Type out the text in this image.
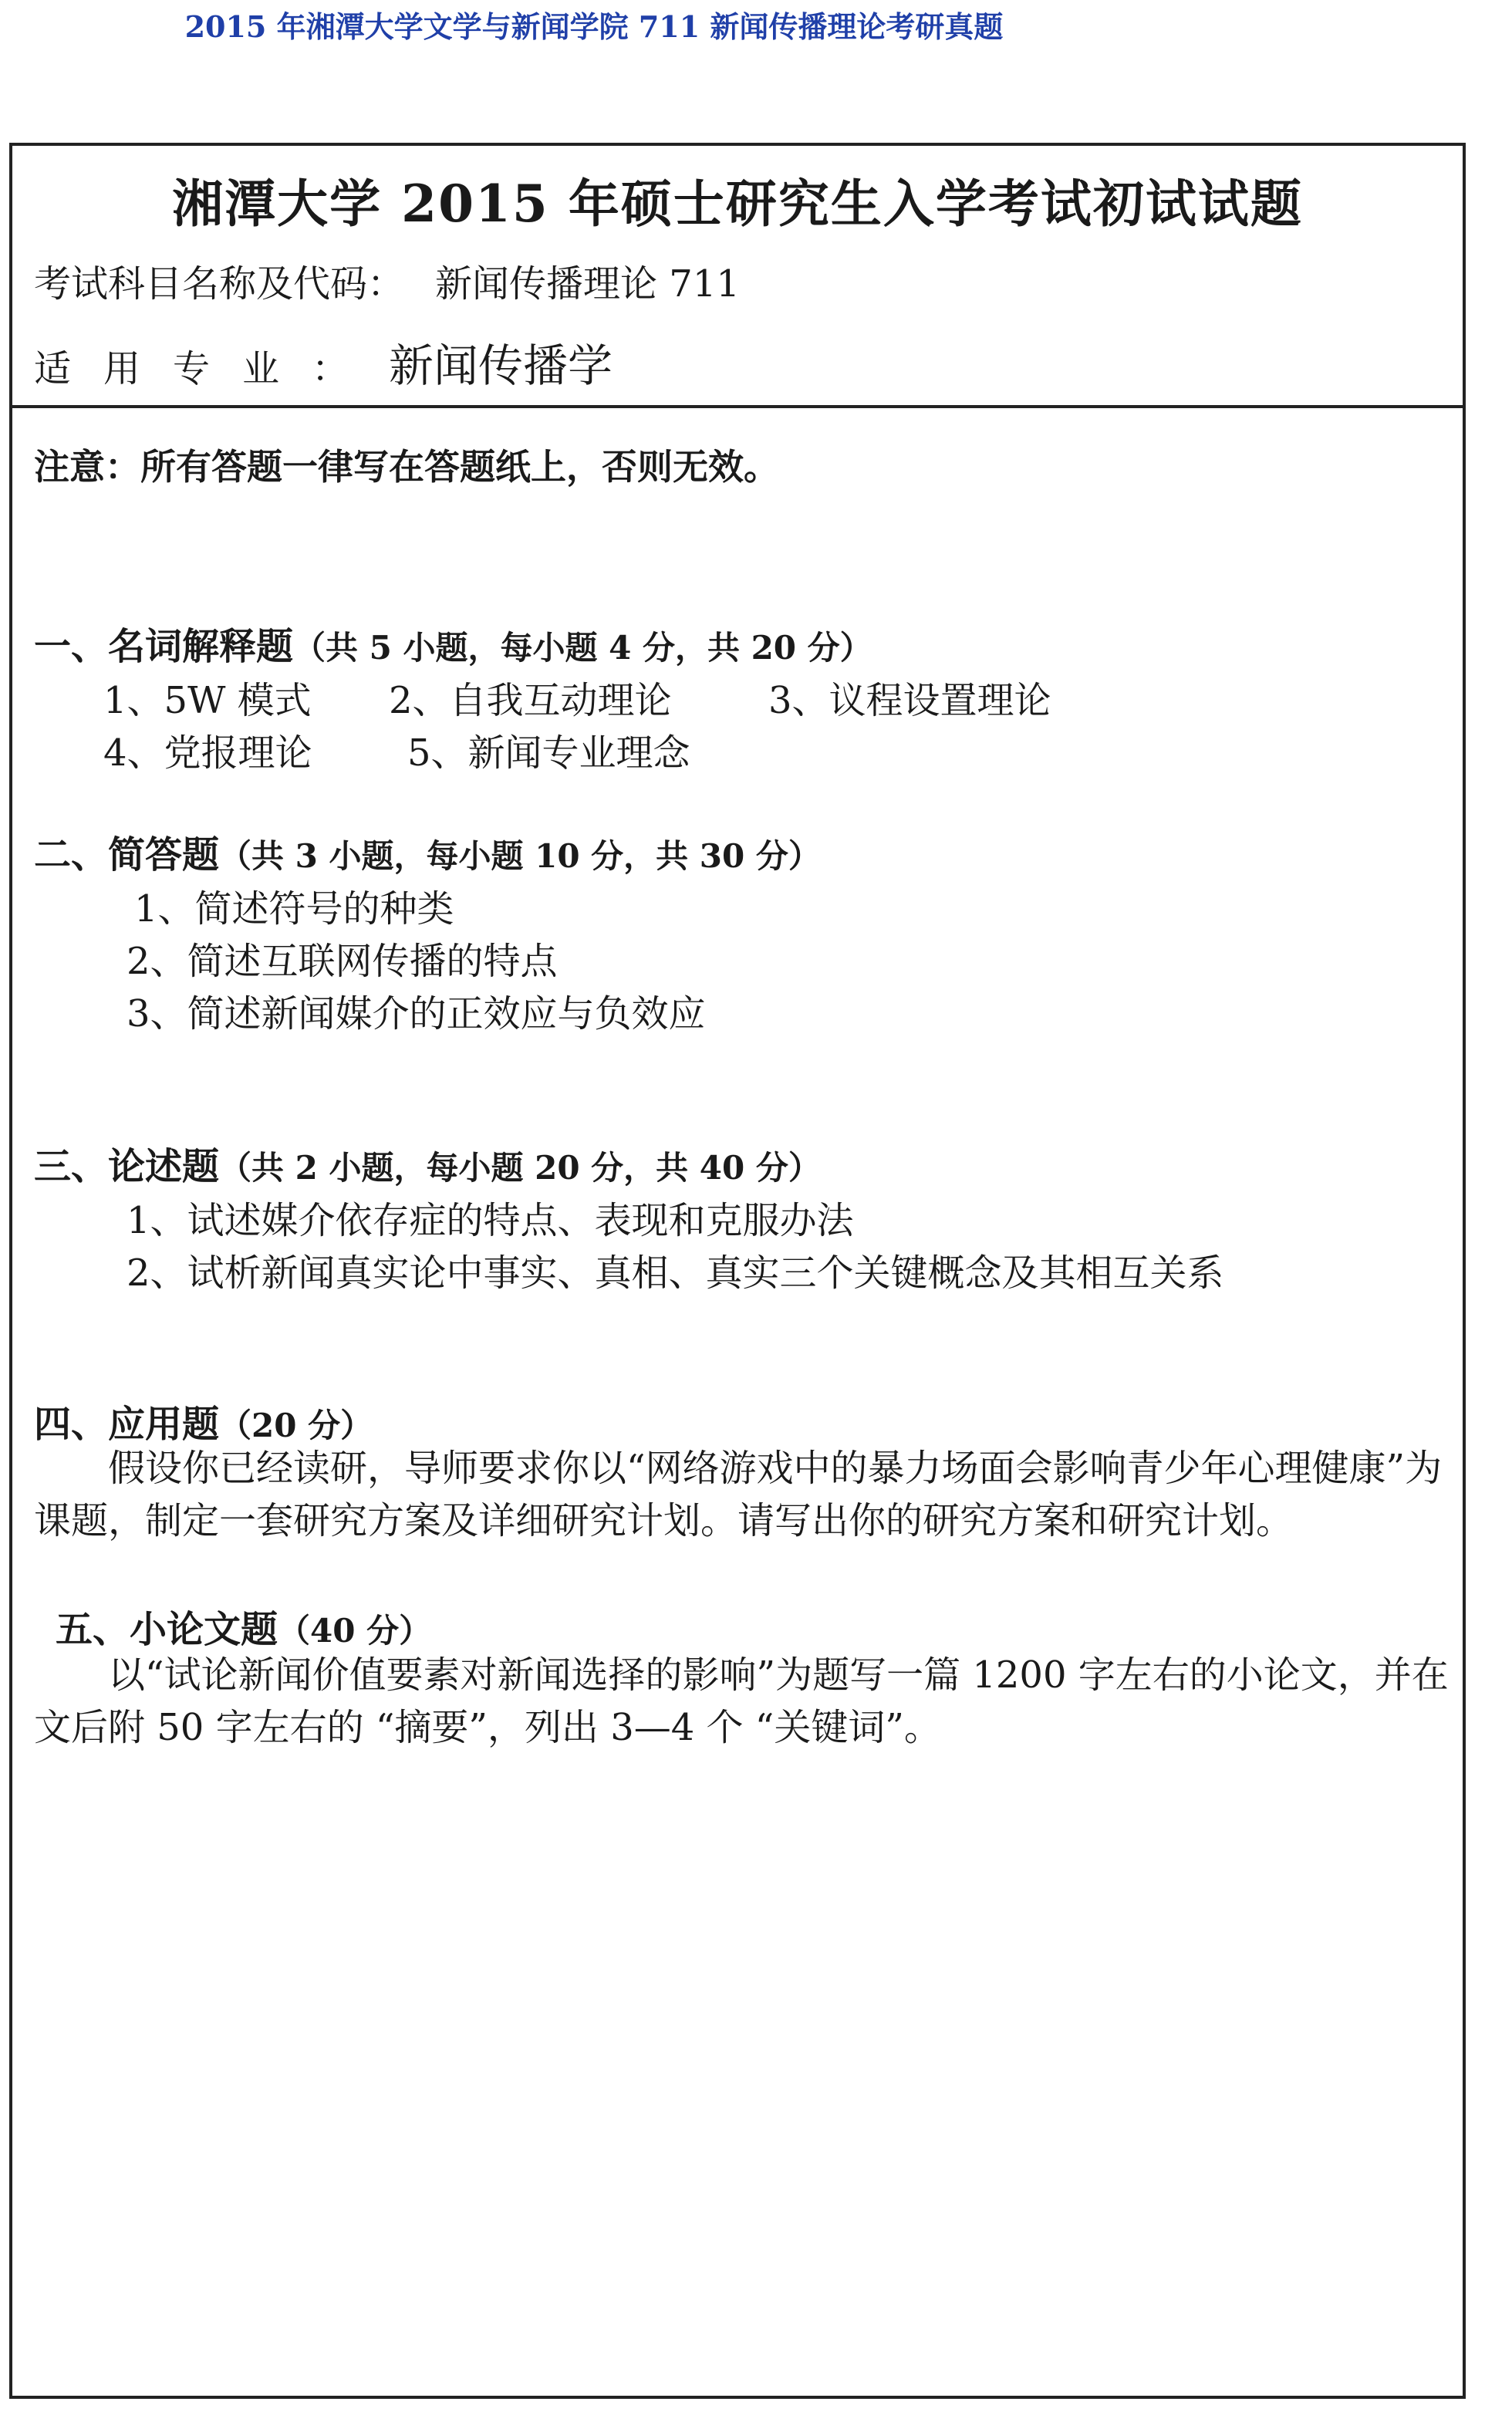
2015 年湘潭大学文学与新闻学院 711 新闻传播理论考研真题
湘潭大学 2015 年硕士研究生入学考试初试试题
考试科目名称及代码： 新闻传播理论 711
适用专业： 新闻传播学
注意：所有答题一律写在答题纸上，否则无效。
一、名词解释题（共 5 小题，每小题 4 分，共 20 分）
1、5W 模式 2、自我互动理论	3、议程设置理论
4、党报理论	5、新闻专业理念
二、简答题（共 3 小题，每小题 10 分，共 30 分）
1、简述符号的种类
2、简述互联网传播的特点
3、简述新闻媒介的正效应与负效应
三、论述题（共 2 小题，每小题 20 分，共 40 分）
1、试述媒介依存症的特点、表现和克服办法
2、试析新闻真实论中事实、真相、真实三个关键概念及其相互关系
四、应用题（20 分）
假设你已经读研，导师要求你以“网络游戏中的暴力场面会影响青少年心理健康”为课题，制定一套研究方案及详细研究计划。请写出你的研究方案和研究计划。
五、小论文题（40 分）
以“试论新闻价值要素对新闻选择的影响”为题写一篇 1200 字左右的小论文，并在文后附 50 字左右的 “摘要”，列出 3—4 个 “关键词”。
